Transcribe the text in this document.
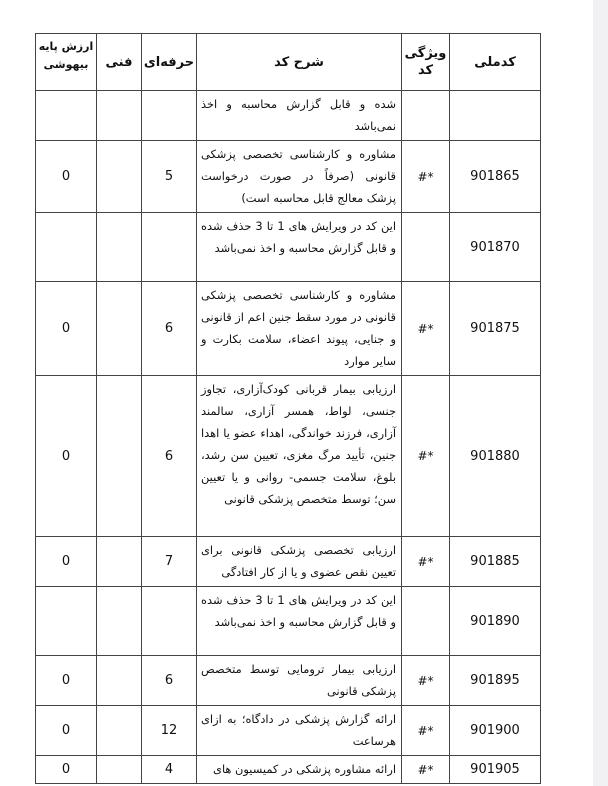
کدملی	ویژگی کد	شرح کد	حرفه‌ای	فنی	ارزش پایه بیهوشی
		شده و قابل گزارش محاسبه و اخذ نمی‌باشد			
901865	#*	مشاوره و کارشناسی تخصصی پزشکی قانونی (صرفاً در صورت درخواست پزشک معالج قابل محاسبه است)	5		0
901870		این کد در ویرایش های 1 تا 3 حذف شده و قابل گزارش محاسبه و اخذ نمی‌باشد			
901875	#*	مشاوره و کارشناسی تخصصی پزشکی قانونی در مورد سقط جنین اعم از قانونی و جنایی، پیوند اعضاء، سلامت بکارت و سایر موارد	6		0
901880	#*	ارزیابی بیمار قربانی کودک‌آزاری، تجاوز جنسی، لواط، همسر آزاری، سالمند آزاری، فرزند خواندگی، اهداء عضو یا اهدا جنین، تأیید مرگ مغزی، تعیین سن رشد، بلوغ، سلامت جسمی- روانی و یا تعیین سن؛ توسط متخصص پزشکی قانونی	6		0
901885	#*	ارزیابی تخصصی پزشکی قانونی برای تعیین نقص عضوی و یا از کار افتادگی	7		0
901890		این کد در ویرایش های 1 تا 3 حذف شده و قابل گزارش محاسبه و اخذ نمی‌باشد			
901895	#*	ارزیابی بیمار ترومایی توسط متخصص پزشکی قانونی	6		0
901900	#*	ارائه گزارش پزشکی در دادگاه؛ به ازای هرساعت	12		0
901905	#*	ارائه مشاوره پزشکی در کمیسیون های	4		0
